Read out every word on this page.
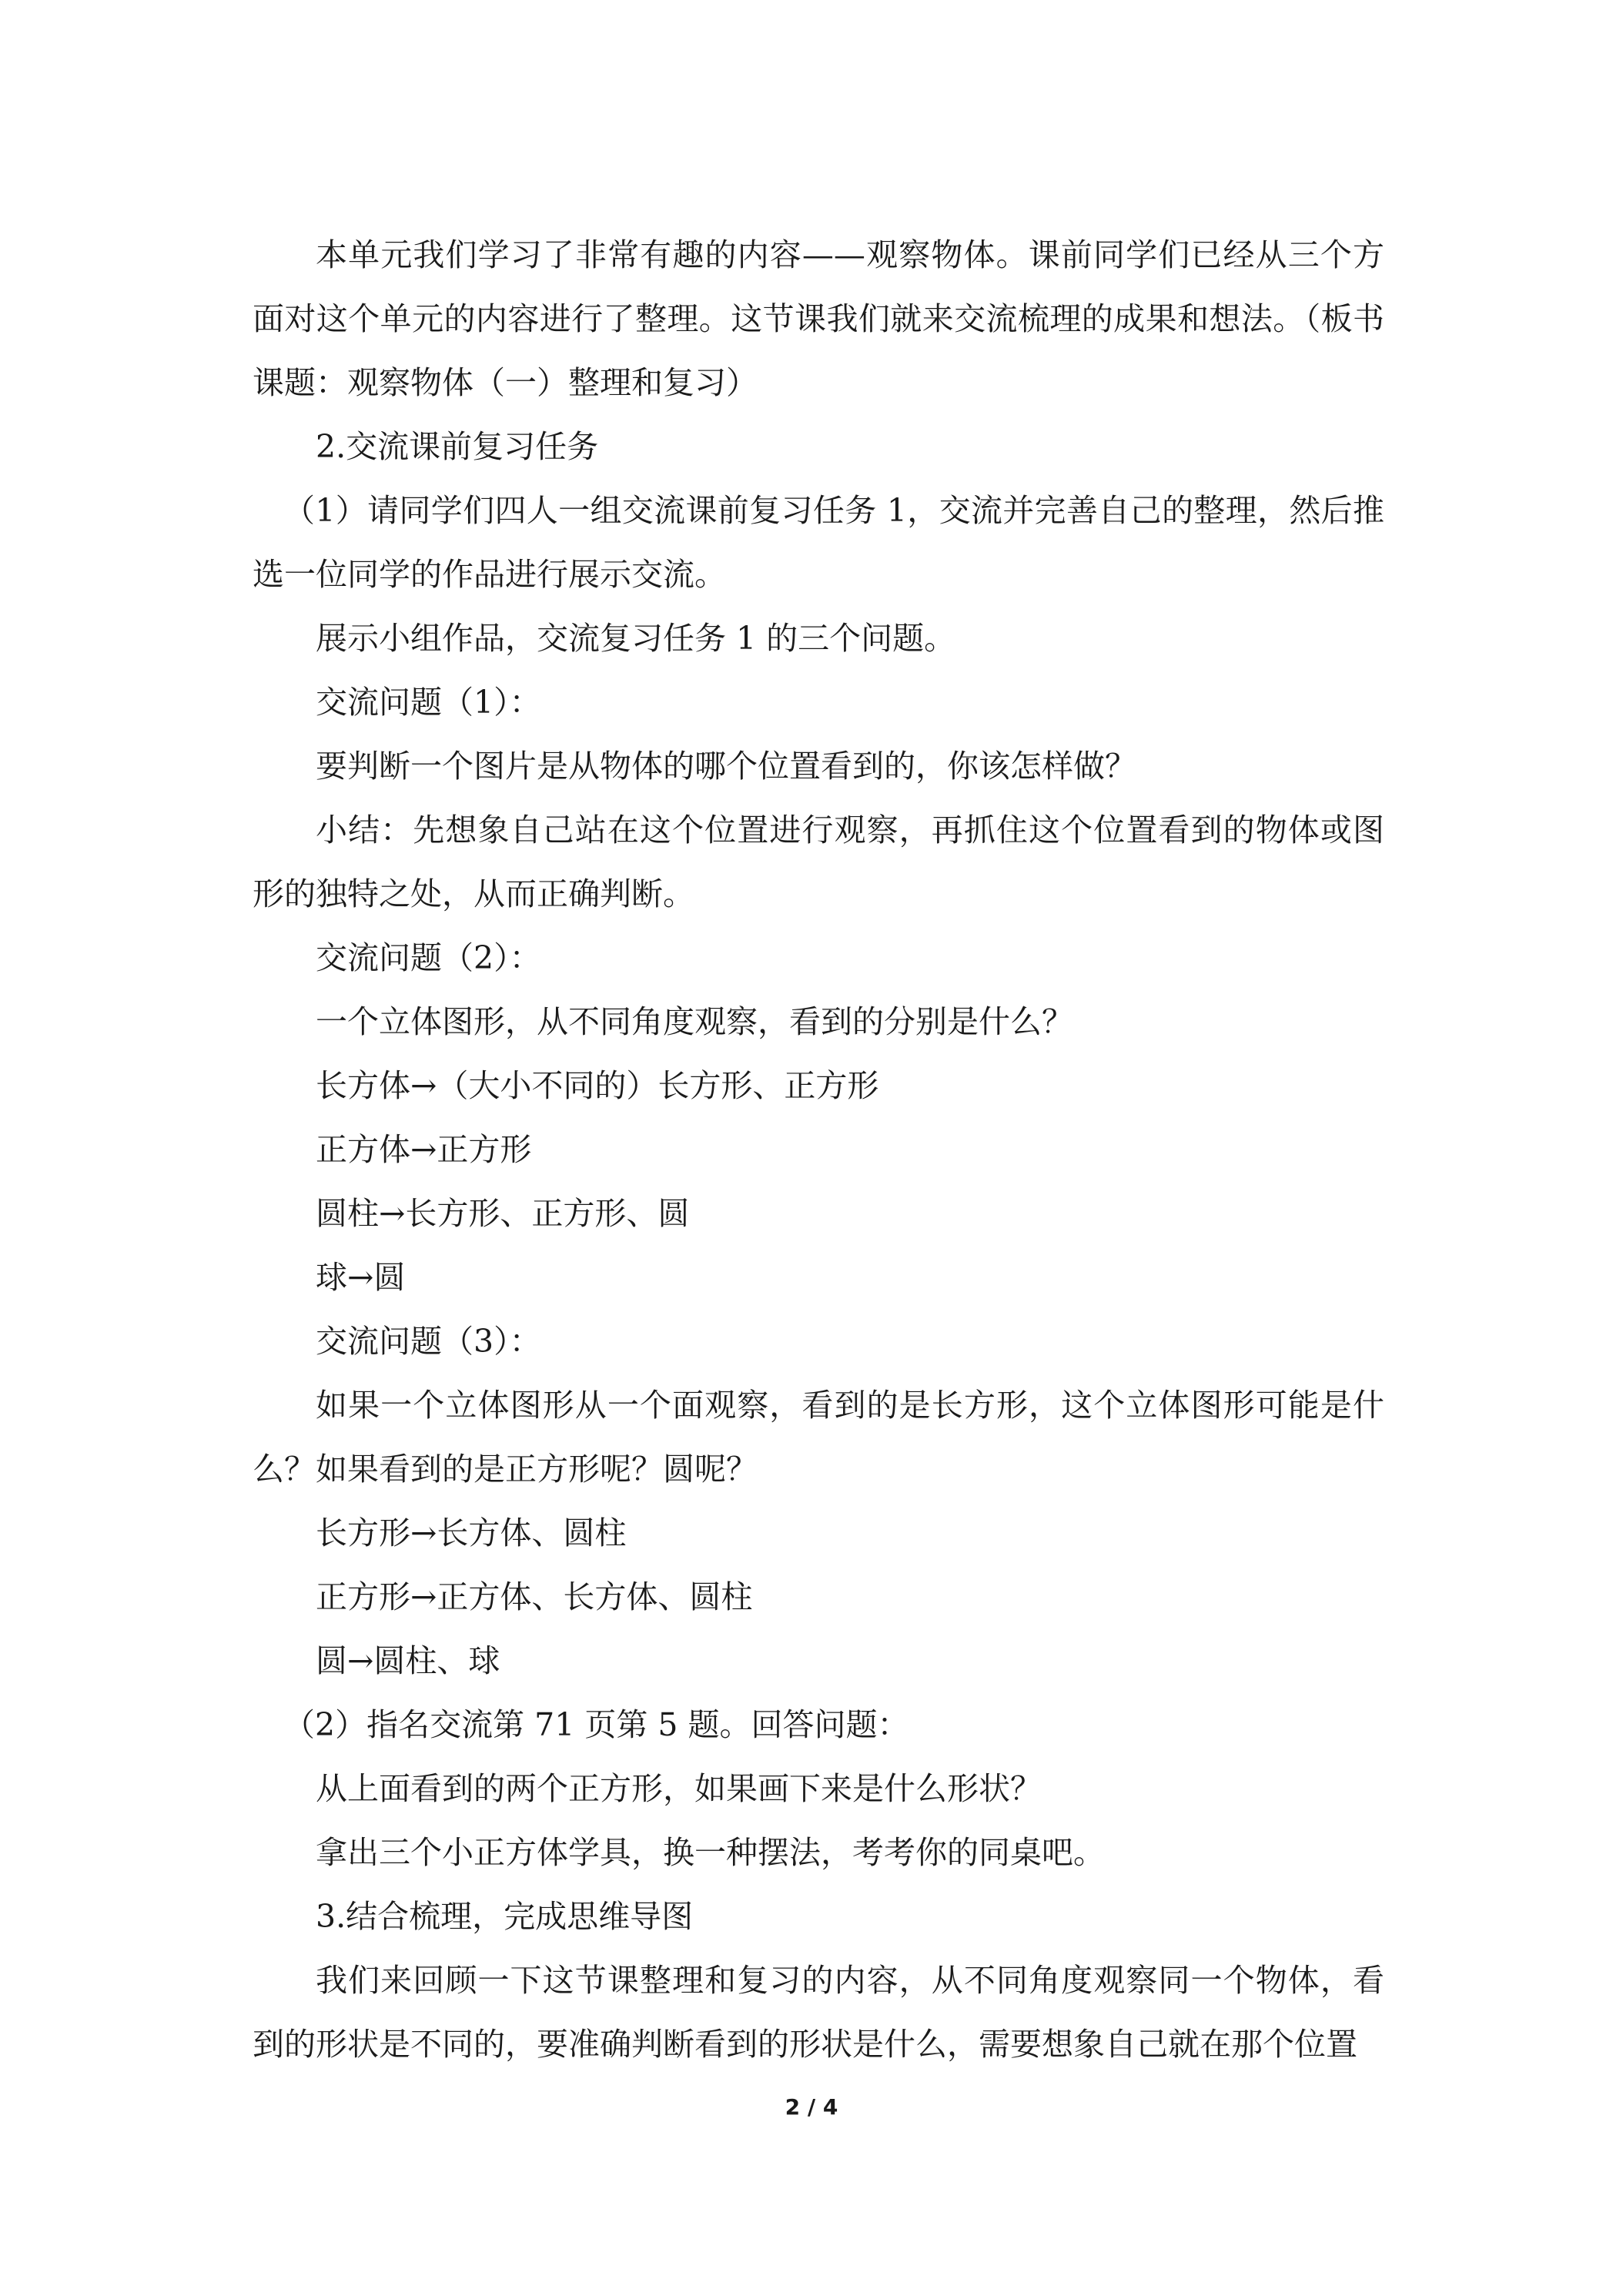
本单元我们学习了非常有趣的内容——观察物体。课前同学们已经从三个方面对这个单元的内容进行了整理。这节课我们就来交流梳理的成果和想法。（板书课题：观察物体（一）整理和复习）

2.交流课前复习任务

（1）请同学们四人一组交流课前复习任务 1，交流并完善自己的整理，然后推选一位同学的作品进行展示交流。

展示小组作品，交流复习任务 1 的三个问题。

交流问题（1）：

要判断一个图片是从物体的哪个位置看到的，你该怎样做？

小结：先想象自己站在这个位置进行观察，再抓住这个位置看到的物体或图形的独特之处，从而正确判断。

交流问题（2）：

一个立体图形，从不同角度观察，看到的分别是什么？

长方体→（大小不同的）长方形、正方形

正方体→正方形

圆柱→长方形、正方形、圆

球→圆

交流问题（3）：

如果一个立体图形从一个面观察，看到的是长方形，这个立体图形可能是什么？如果看到的是正方形呢？圆呢？

长方形→长方体、圆柱

正方形→正方体、长方体、圆柱

圆→圆柱、球

（2）指名交流第 71 页第 5 题。回答问题：

从上面看到的两个正方形，如果画下来是什么形状？

拿出三个小正方体学具，换一种摆法，考考你的同桌吧。

3.结合梳理，完成思维导图

我们来回顾一下这节课整理和复习的内容，从不同角度观察同一个物体，看到的形状是不同的，要准确判断看到的形状是什么，需要想象自己就在那个位置

2 / 4
